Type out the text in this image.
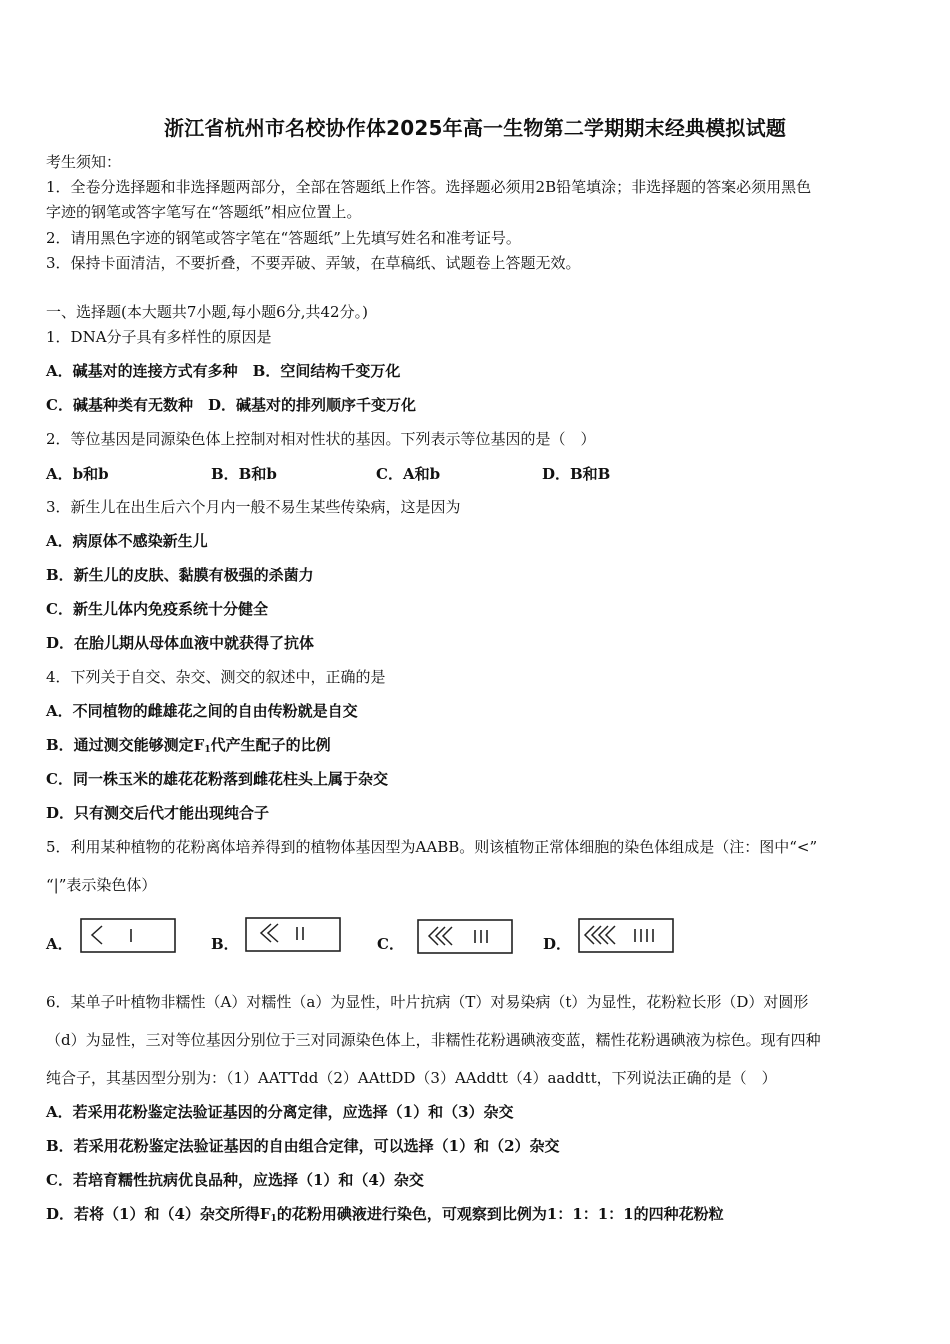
浙江省杭州市名校协作体2025年高一生物第二学期期末经典模拟试题
考生须知：
1．全卷分选择题和非选择题两部分，全部在答题纸上作答。选择题必须用2B铅笔填涂；非选择题的答案必须用黑色
字迹的钢笔或答字笔写在“答题纸”相应位置上。
2．请用黑色字迹的钢笔或答字笔在“答题纸”上先填写姓名和准考证号。
3．保持卡面清洁，不要折叠，不要弄破、弄皱，在草稿纸、试题卷上答题无效。
一、选择题(本大题共7小题,每小题6分,共42分。)
1．DNA分子具有多样性的原因是
A．碱基对的连接方式有多种　B．空间结构千变万化
C．碱基种类有无数种　D．碱基对的排列顺序千变万化
2．等位基因是同源染色体上控制对相对性状的基因。下列表示等位基因的是（　）
A．b和b	B．B和b	C．A和b	D．B和B
3．新生儿在出生后六个月内一般不易生某些传染病，这是因为
A．病原体不感染新生儿
B．新生儿的皮肤、黏膜有极强的杀菌力
C．新生儿体内免疫系统十分健全
D．在胎儿期从母体血液中就获得了抗体
4．下列关于自交、杂交、测交的叙述中，正确的是
A．不同植物的雌雄花之间的自由传粉就是自交
B．通过测交能够测定$F_1$代产生配子的比例
C．同一株玉米的雄花花粉落到雌花柱头上属于杂交
D．只有测交后代才能出现纯合子
5．利用某种植物的花粉离体培养得到的植物体基因型为AABB。则该植物正常体细胞的染色体组成是（注：图中“<”
“|”表示染色体）
A．	B．	C．	D．
6．某单子叶植物非糯性（A）对糯性（a）为显性，叶片抗病（T）对易染病（t）为显性，花粉粒长形（D）对圆形
（d）为显性，三对等位基因分别位于三对同源染色体上，非糯性花粉遇碘液变蓝，糯性花粉遇碘液为棕色。现有四种
纯合子，其基因型分别为：（1）AATTdd（2）AAttDD（3）AAddtt（4）aaddtt，下列说法正确的是（　）
A．若采用花粉鉴定法验证基因的分离定律，应选择（1）和（3）杂交
B．若采用花粉鉴定法验证基因的自由组合定律，可以选择（1）和（2）杂交
C．若培育糯性抗病优良品种，应选择（1）和（4）杂交
D．若将（1）和（4）杂交所得$F_1$的花粉用碘液进行染色，可观察到比例为1：1：1：1的四种花粉粒
